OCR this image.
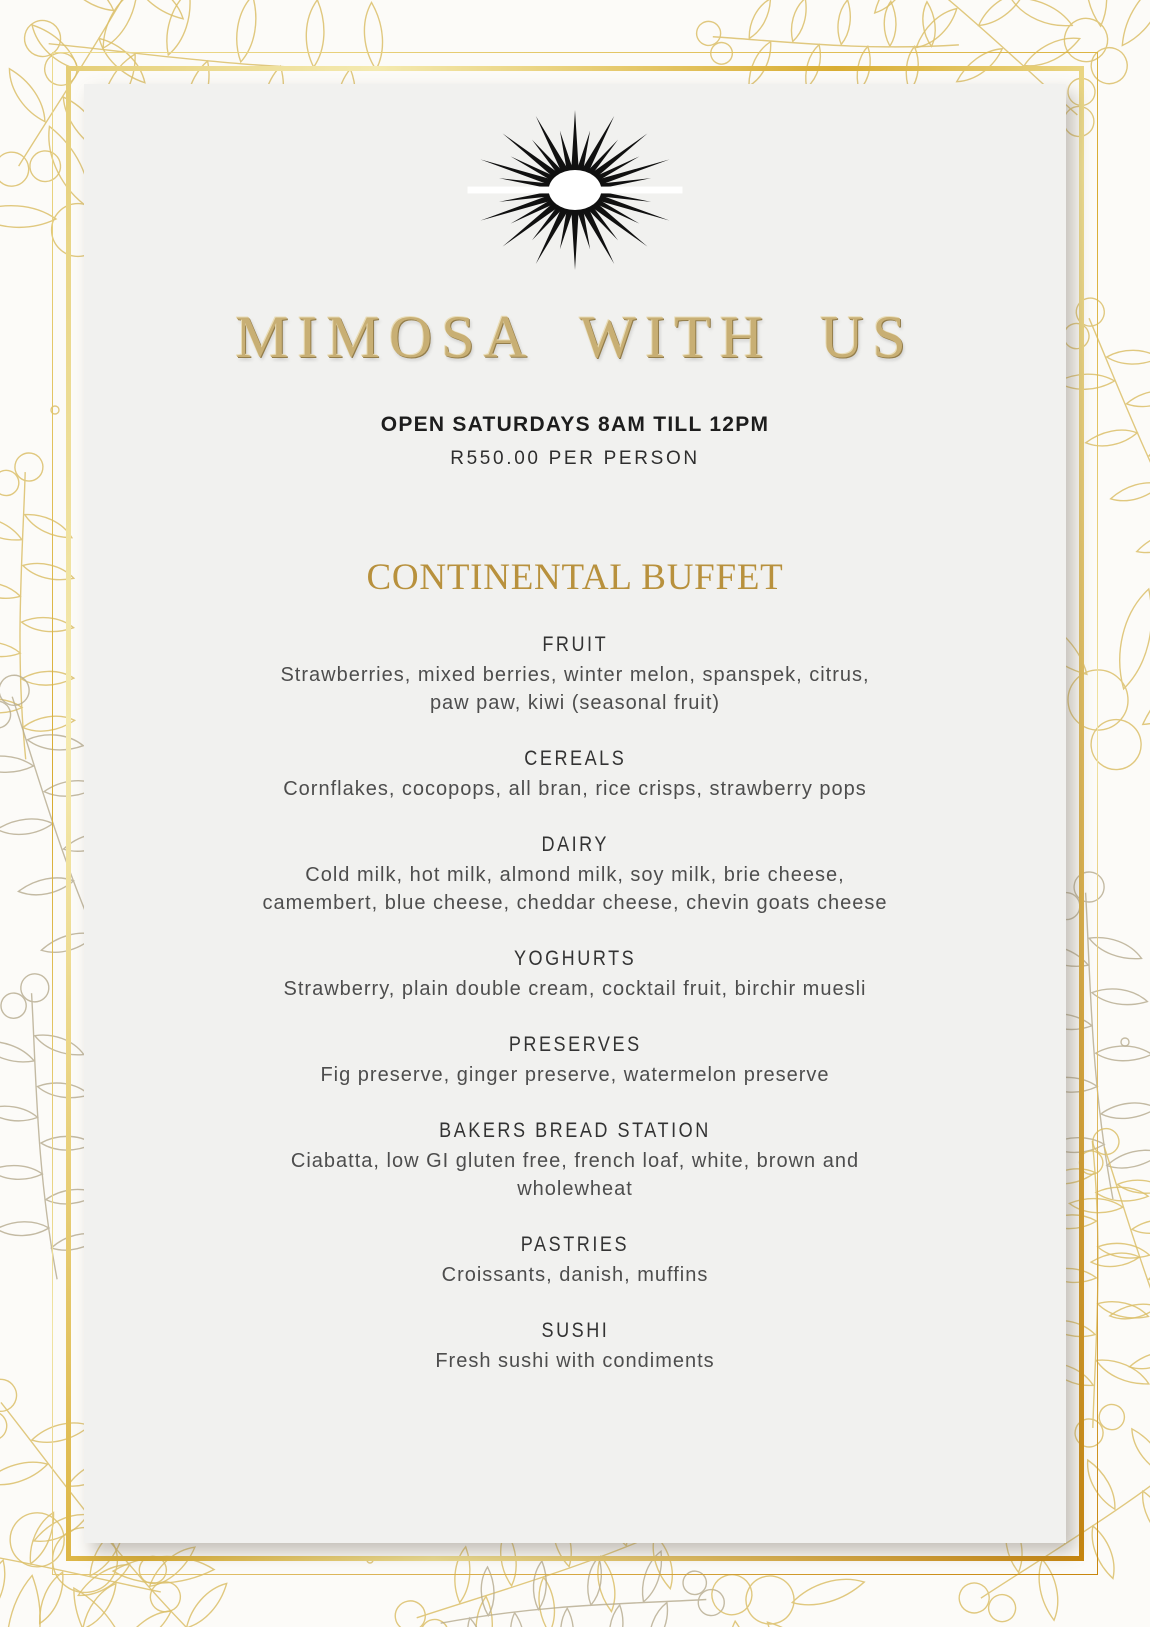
MIMOSA WITH US

OPEN SATURDAYS 8AM TILL 12PM

R550.00 PER PERSON

CONTINENTAL BUFFET
FRUIT

Strawberries, mixed berries, winter melon, spanspek, citrus, paw paw, kiwi (seasonal fruit)

CEREALS

Cornflakes, cocopops, all bran, rice crisps, strawberry pops

DAIRY

Cold milk, hot milk, almond milk, soy milk, brie cheese, camembert, blue cheese, cheddar cheese, chevin goats cheese

YOGHURTS

Strawberry, plain double cream, cocktail fruit, birchir muesli

PRESERVES

Fig preserve, ginger preserve, watermelon preserve

BAKERS BREAD STATION

Ciabatta, low GI gluten free, french loaf, white, brown and wholewheat

PASTRIES

Croissants, danish, muffins

SUSHI

Fresh sushi with condiments
